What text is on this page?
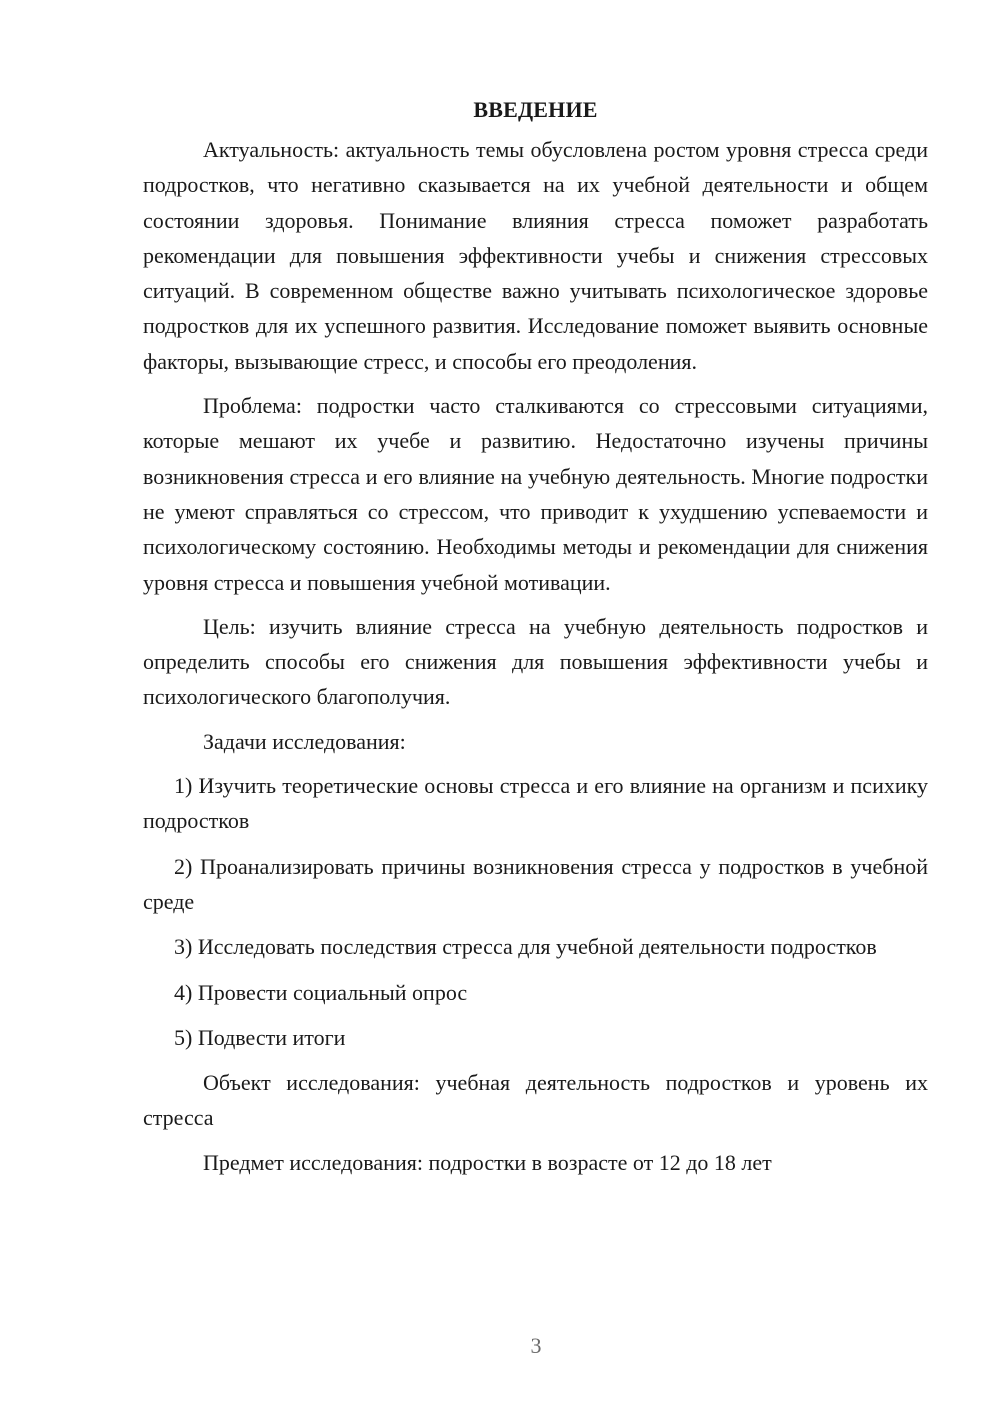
ВВЕДЕНИЕ

Актуальность: актуальность темы обусловлена ростом уровня стресса среди подростков, что негативно сказывается на их учебной деятельности и общем состоянии здоровья. Понимание влияния стресса поможет разработать рекомендации для повышения эффективности учебы и снижения стрессовых ситуаций. В современном обществе важно учитывать психологическое здоровье подростков для их успешного развития. Исследование поможет выявить основные факторы, вызывающие стресс, и способы его преодоления.

Проблема: подростки часто сталкиваются со стрессовыми ситуациями, которые мешают их учебе и развитию. Недостаточно изучены причины возникновения стресса и его влияние на учебную деятельность. Многие подростки не умеют справляться со стрессом, что приводит к ухудшению успеваемости и психологическому состоянию. Необходимы методы и рекомендации для снижения уровня стресса и повышения учебной мотивации.

Цель: изучить влияние стресса на учебную деятельность подростков и определить способы его снижения для повышения эффективности учебы и психологического благополучия.

Задачи исследования:

1) Изучить теоретические основы стресса и его влияние на организм и психику подростков

2) Проанализировать причины возникновения стресса у подростков в учебной среде

3) Исследовать последствия стресса для учебной деятельности подростков

4) Провести социальный опрос

5) Подвести итоги

Объект исследования: учебная деятельность подростков и уровень их стресса

Предмет исследования: подростки в возрасте от 12 до 18 лет

3
